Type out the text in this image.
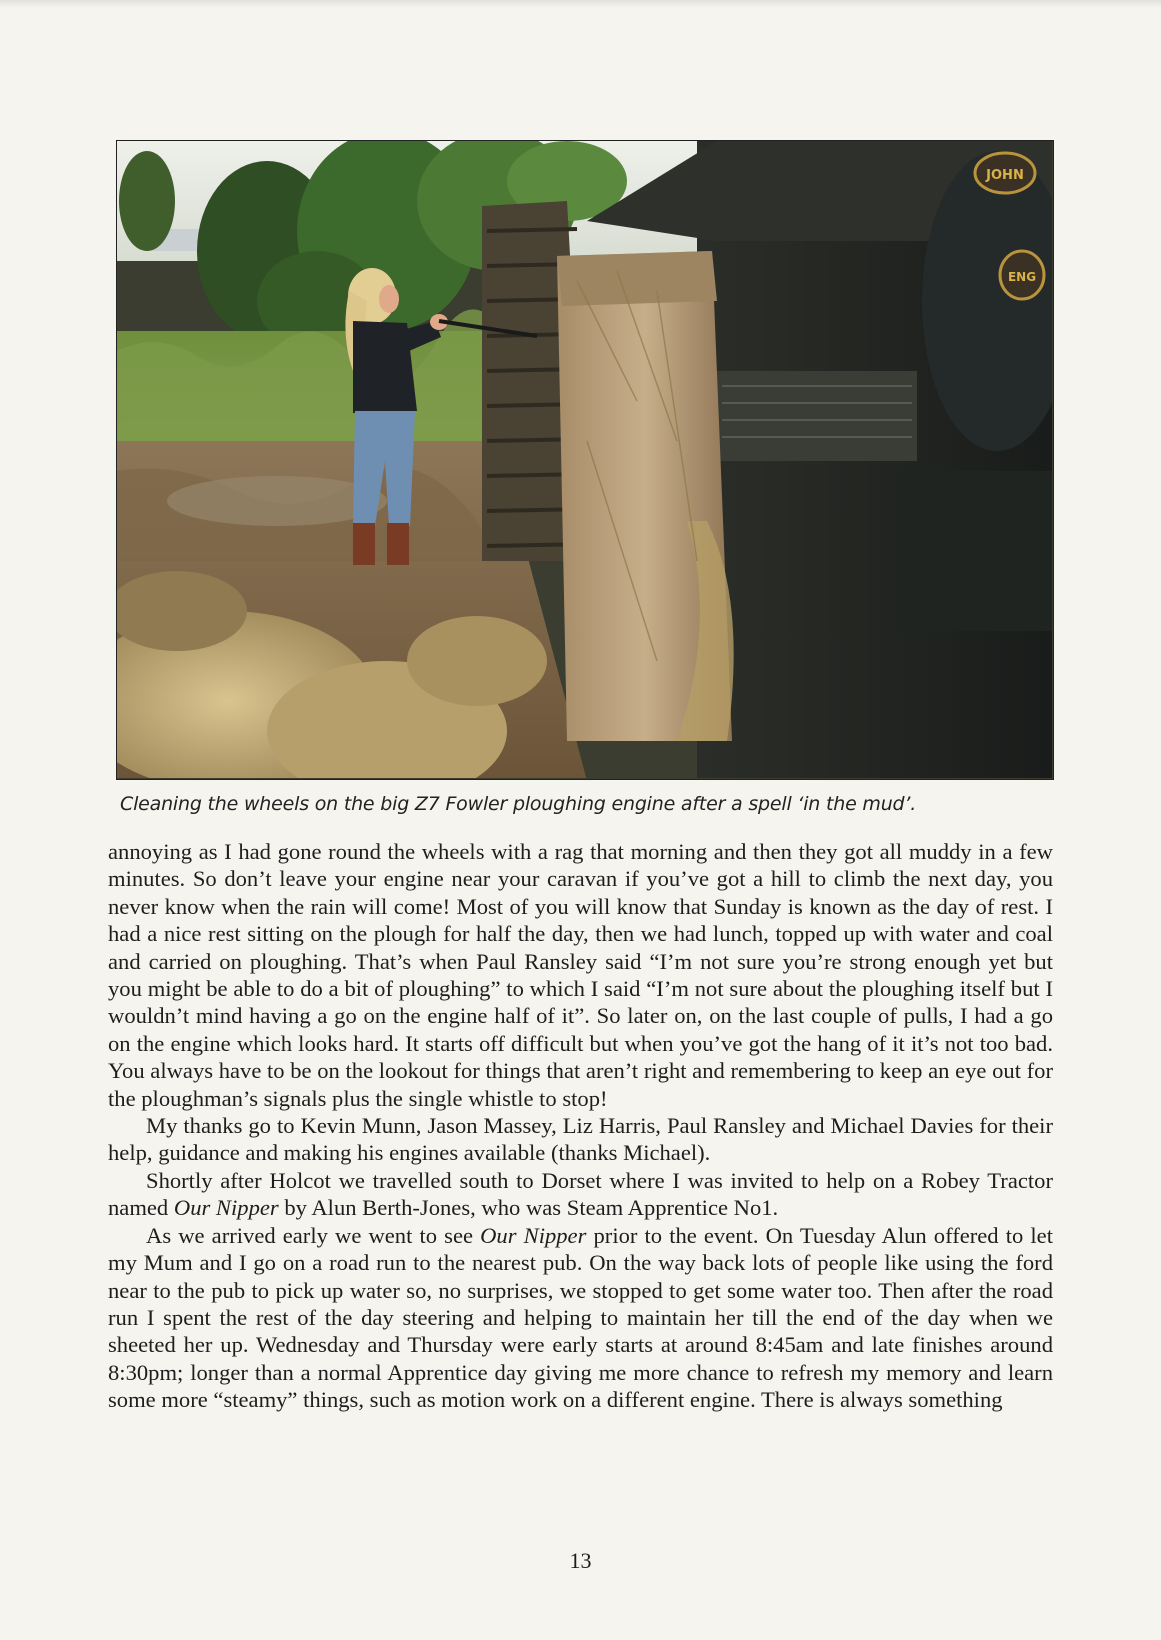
JOHN
ENG
Cleaning the wheels on the big Z7 Fowler ploughing engine after a spell ‘in the mud’.

annoying as I had gone round the wheels with a rag that morning and then they got all muddy in a few minutes. So don’t leave your engine near your caravan if you’ve got a hill to climb the next day, you never know when the rain will come! Most of you will know that Sunday is known as the day of rest. I had a nice rest sitting on the plough for half the day, then we had lunch, topped up with water and coal and carried on ploughing. That’s when Paul Ransley said “I’m not sure you’re strong enough yet but you might be able to do a bit of ploughing” to which I said “I’m not sure about the ploughing itself but I wouldn’t mind having a go on the engine half of it”. So later on, on the last couple of pulls, I had a go on the engine which looks hard. It starts off difficult but when you’ve got the hang of it it’s not too bad. You always have to be on the lookout for things that aren’t right and remembering to keep an eye out for the ploughman’s signals plus the single whistle to stop!

My thanks go to Kevin Munn, Jason Massey, Liz Harris, Paul Ransley and Michael Davies for their help, guidance and making his engines available (thanks Michael).

Shortly after Holcot we travelled south to Dorset where I was invited to help on a Robey Tractor named Our Nipper by Alun Berth-Jones, who was Steam Apprentice No1.

As we arrived early we went to see Our Nipper prior to the event. On Tuesday Alun offered to let my Mum and I go on a road run to the nearest pub. On the way back lots of people like using the ford near to the pub to pick up water so, no surprises, we stopped to get some water too. Then after the road run I spent the rest of the day steering and helping to maintain her till the end of the day when we sheeted her up. Wednesday and Thursday were early starts at around 8:45am and late finishes around 8:30pm; longer than a normal Apprentice day giving me more chance to refresh my memory and learn some more “steamy” things, such as motion work on a different engine. There is always something

13
